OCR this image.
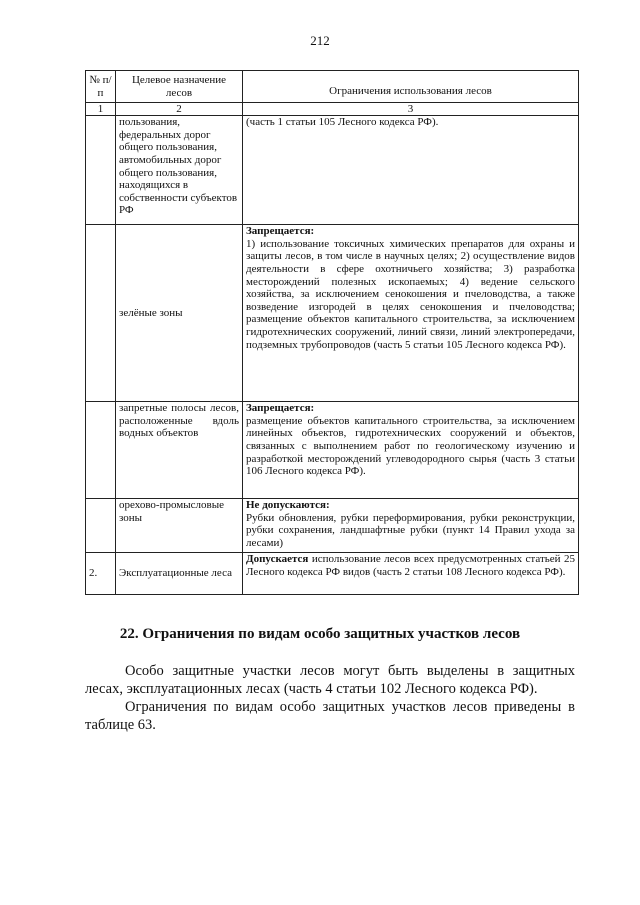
212
№ п/п	Целевое назначение лесов	Ограничения использования лесов
1	2	3
	пользования, федеральных дорог общего пользования, автомобильных дорог общего пользования, находящихся в собственности субъектов РФ	(часть 1 статьи 105 Лесного кодекса РФ).
	зелёные зоны	Запрещается:
1) использование токсичных химических препаратов для охраны и защиты лесов, в том числе в научных целях; 2) осуществление видов деятельности в сфере охотничьего хозяйства; 3) разработка месторождений полезных ископаемых; 4) ведение сельского хозяйства, за исключением сенокошения и пчеловодства, а также возведение изгородей в целях сенокошения и пчеловодства; размещение объектов капитального строительства, за исключением гидротехнических сооружений, линий связи, линий электропередачи, подземных трубопроводов (часть 5 статьи 105 Лесного кодекса РФ).

	запретные полосы лесов, расположенные вдоль водных объектов	Запрещается:
размещение объектов капитального строительства, за исключением линейных объектов, гидротехнических сооружений и объектов, связанных с выполнением работ по геологическому изучению и разработкой месторождений углеводородного сырья (часть 3 статьи 106 Лесного кодекса РФ).

	орехово-промысловые зоны	Не допускаются:
Рубки обновления, рубки переформирования, рубки реконструкции, рубки сохранения, ландшафтные рубки (пункт 14 Правил ухода за лесами)

2.	Эксплуатационные леса	Допускается использование лесов всех предусмотренных статьей 25 Лесного кодекса РФ видов (часть 2 статьи 108 Лесного кодекса РФ).
22. Ограничения по видам особо защитных участков лесов
Особо защитные участки лесов могут быть выделены в защитных лесах, эксплуатационных лесах (часть 4 статьи 102 Лесного кодекса РФ).
Ограничения по видам особо защитных участков лесов приведены в таблице 63.
